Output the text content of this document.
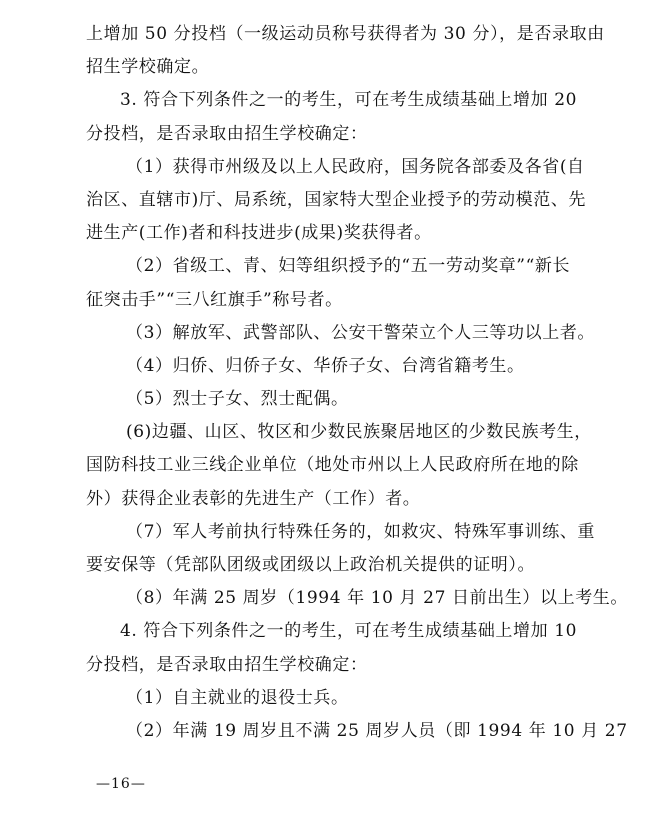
上增加 50 分投档（一级运动员称号获得者为 30 分），是否录取由
招生学校确定。
3. 符合下列条件之一的考生，可在考生成绩基础上增加 20
分投档，是否录取由招生学校确定：
（1）获得市州级及以上人民政府，国务院各部委及各省(自
治区、直辖市)厅、局系统，国家特大型企业授予的劳动模范、先
进生产(工作)者和科技进步(成果)奖获得者。
（2）省级工、青、妇等组织授予的“五一劳动奖章”“新长
征突击手”“三八红旗手”称号者。
（3）解放军、武警部队、公安干警荣立个人三等功以上者。
（4）归侨、归侨子女、华侨子女、台湾省籍考生。
（5）烈士子女、烈士配偶。
(6)边疆、山区、牧区和少数民族聚居地区的少数民族考生，
国防科技工业三线企业单位（地处市州以上人民政府所在地的除
外）获得企业表彰的先进生产（工作）者。
（7）军人考前执行特殊任务的，如救灾、特殊军事训练、重
要安保等（凭部队团级或团级以上政治机关提供的证明）。
（8）年满 25 周岁（1994 年 10 月 27 日前出生）以上考生。
4. 符合下列条件之一的考生，可在考生成绩基础上增加 10
分投档，是否录取由招生学校确定：
（1）自主就业的退役士兵。
（2）年满 19 周岁且不满 25 周岁人员（即 1994 年 10 月 27
—16—
